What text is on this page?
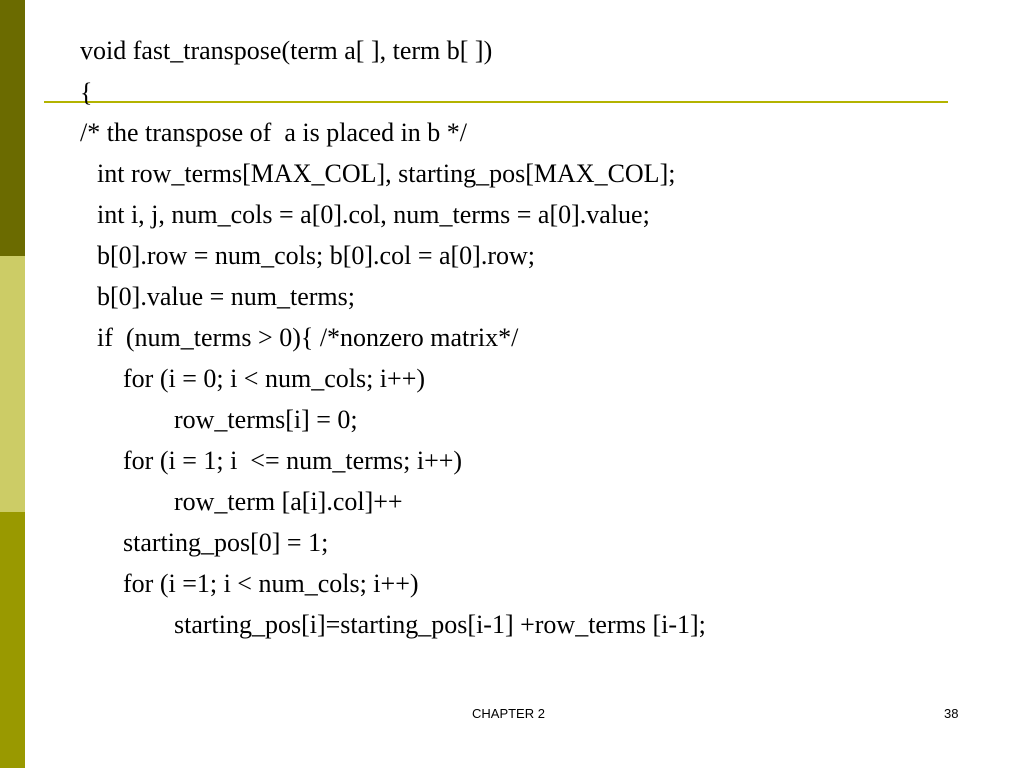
void fast_transpose(term a[ ], term b[ ])
{
/* the transpose of  a is placed in b */
int row_terms[MAX_COL], starting_pos[MAX_COL];
int i, j, num_cols = a[0].col, num_terms = a[0].value;
b[0].row = num_cols; b[0].col = a[0].row;
b[0].value = num_terms;
if  (num_terms > 0){ /*nonzero matrix*/
for (i = 0; i < num_cols; i++)
row_terms[i] = 0;
for (i = 1; i  <= num_terms; i++)
row_term [a[i].col]++
starting_pos[0] = 1;
for (i =1; i < num_cols; i++)
starting_pos[i]=starting_pos[i-1] +row_terms [i-1];
CHAPTER 2	38
